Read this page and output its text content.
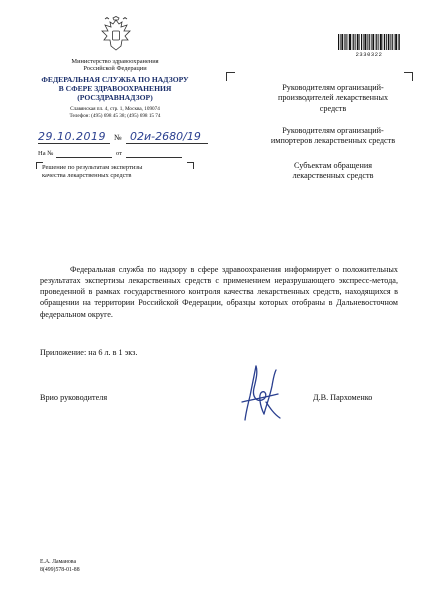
Министерство здравоохранения
Российской Федерации
ФЕДЕРАЛЬНАЯ СЛУЖБА ПО НАДЗОРУ
В СФЕРЕ ЗДРАВООХРАНЕНИЯ
(РОСЗДРАВНАДЗОР)
Славянская пл. 4, стр. 1, Москва, 109074
Телефон: (495) 698 45 38; (495) 698 15 74
29.10.2019 № 02и-2680/19
На №	от
Решение по результатам экспертизы
качества лекарственных средств
Руководителям организаций-
производителей лекарственных
средств
Руководителям организаций-
импортеров лекарственных средств
Субъектам обращения
лекарственных средств
2330322
Федеральная служба по надзору в сфере здравоохранения информирует о положительных результатах экспертизы лекарственных средств с применением неразрушающего экспресс-метода, проведенной в рамках государственного контроля качества лекарственных средств, находящихся в обращении на территории Российской Федерации, образцы которых отобраны в Дальневосточном федеральном округе.
Приложение: на 6 л. в 1 экз.
Врио руководителя	Д.В. Пархоменко
Е.А. Ламанова
8(499)578-01-88
